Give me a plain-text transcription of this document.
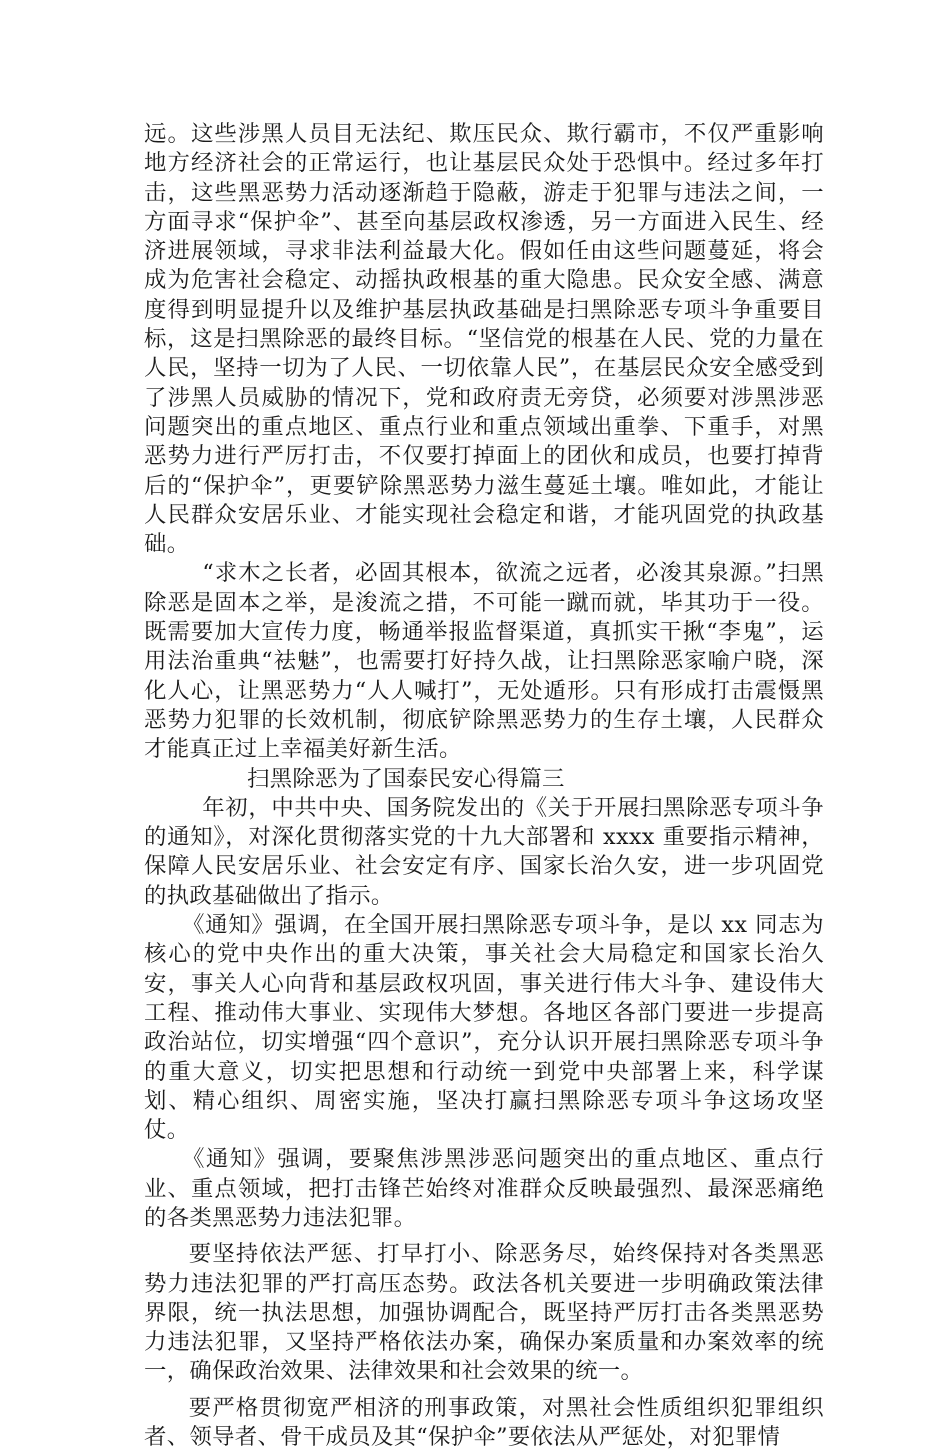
远。这些涉黑人员目无法纪、欺压民众、欺行霸市，不仅严重影响地方经济社会的正常运行，也让基层民众处于恐惧中。经过多年打击，这些黑恶势力活动逐渐趋于隐蔽，游走于犯罪与违法之间，一方面寻求“保护伞”、甚至向基层政权渗透，另一方面进入民生、经济进展领域，寻求非法利益最大化。假如任由这些问题蔓延，将会成为危害社会稳定、动摇执政根基的重大隐患。民众安全感、满意度得到明显提升以及维护基层执政基础是扫黑除恶专项斗争重要目标，这是扫黑除恶的最终目标。“坚信党的根基在人民、党的力量在人民，坚持一切为了人民、一切依靠人民”，在基层民众安全感受到了涉黑人员威胁的情况下，党和政府责无旁贷，必须要对涉黑涉恶问题突出的重点地区、重点行业和重点领域出重拳、下重手，对黑恶势力进行严厉打击，不仅要打掉面上的团伙和成员，也要打掉背后的“保护伞”，更要铲除黑恶势力滋生蔓延土壤。唯如此，才能让人民群众安居乐业、才能实现社会稳定和谐，才能巩固党的执政基础。

“求木之长者，必固其根本，欲流之远者，必浚其泉源。”扫黑除恶是固本之举，是浚流之措，不可能一蹴而就，毕其功于一役。既需要加大宣传力度，畅通举报监督渠道，真抓实干揪“李鬼”，运用法治重典“祛魅”，也需要打好持久战，让扫黑除恶家喻户晓，深化人心，让黑恶势力“人人喊打”，无处遁形。只有形成打击震慑黑恶势力犯罪的长效机制，彻底铲除黑恶势力的生存土壤，人民群众才能真正过上幸福美好新生活。

扫黑除恶为了国泰民安心得篇三

年初，中共中央、国务院发出的《关于开展扫黑除恶专项斗争的通知》，对深化贯彻落实党的十九大部署和 xxxx 重要指示精神，保障人民安居乐业、社会安定有序、国家长治久安，进一步巩固党的执政基础做出了指示。

《通知》强调，在全国开展扫黑除恶专项斗争，是以 xx 同志为核心的党中央作出的重大决策，事关社会大局稳定和国家长治久安，事关人心向背和基层政权巩固，事关进行伟大斗争、建设伟大工程、推动伟大事业、实现伟大梦想。各地区各部门要进一步提高政治站位，切实增强“四个意识”，充分认识开展扫黑除恶专项斗争的重大意义，切实把思想和行动统一到党中央部署上来，科学谋划、精心组织、周密实施，坚决打赢扫黑除恶专项斗争这场攻坚仗。

《通知》强调，要聚焦涉黑涉恶问题突出的重点地区、重点行业、重点领域，把打击锋芒始终对准群众反映最强烈、最深恶痛绝的各类黑恶势力违法犯罪。

要坚持依法严惩、打早打小、除恶务尽，始终保持对各类黑恶势力违法犯罪的严打高压态势。政法各机关要进一步明确政策法律界限，统一执法思想，加强协调配合，既坚持严厉打击各类黑恶势力违法犯罪，又坚持严格依法办案，确保办案质量和办案效率的统一，确保政治效果、法律效果和社会效果的统一。

要严格贯彻宽严相济的刑事政策，对黑社会性质组织犯罪组织者、领导者、骨干成员及其“保护伞”要依法从严惩处，对犯罪情
